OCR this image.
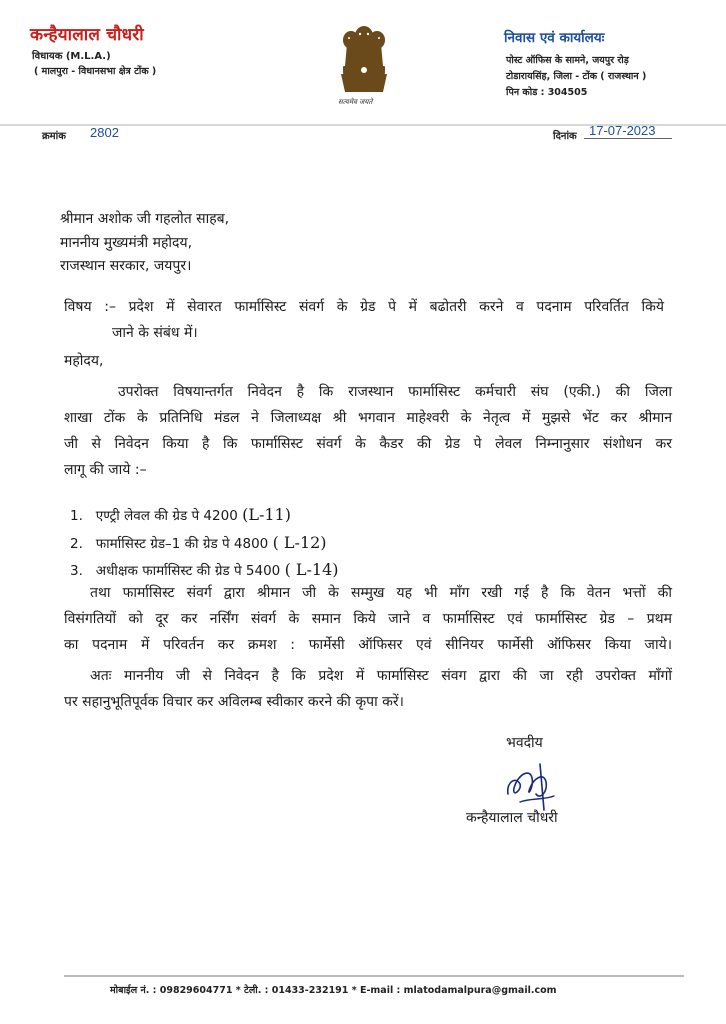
कन्हैयालाल चौधरी
विधायक (M.L.A.)
( मालपुरा - विधानसभा क्षेत्र टोंक )
सत्यमेव जयते
निवास एवं कार्यालयः
पोस्ट ऑफिस के सामने, जयपुर रोड़
टोडारायसिंह, जिला - टोंक ( राजस्थान )
पिन कोड : 304505
क्रमांक 2802	दिनांक 17-07-2023
श्रीमान अशोक जी गहलोत साहब,
माननीय मुख्यमंत्री महोदय,
राजस्थान सरकार, जयपुर।
विषय :– प्रदेश में सेवारत फार्मासिस्ट संवर्ग के ग्रेड पे में बढोतरी करने व पदनाम परिवर्तित किये
जाने के संबंध में।
महोदय,
उपरोक्त विषयान्तर्गत निवेदन है कि राजस्थान फार्मासिस्ट कर्मचारी संघ (एकी.) की जिला
शाखा टोंक के प्रतिनिधि मंडल ने जिलाध्यक्ष श्री भगवान माहेश्वरी के नेतृत्व में मुझसे भेंट कर श्रीमान
जी से निवेदन किया है कि फार्मासिस्ट संवर्ग के कैडर की ग्रेड पे लेवल निम्नानुसार संशोधन कर
लागू की जाये :–
1. एण्ट्री लेवल की ग्रेड पे 4200 (L-11)
2. फार्मासिस्ट ग्रेड–1 की ग्रेड पे 4800 ( L-12)
3. अधीक्षक फार्मासिस्ट की ग्रेड पे 5400 ( L-14)
तथा फार्मासिस्ट संवर्ग द्वारा श्रीमान जी के सम्मुख यह भी माँग रखी गई है कि वेतन भत्तों की
विसंगतियों को दूर कर नर्सिंग संवर्ग के समान किये जाने व फार्मासिस्ट एवं फार्मासिस्ट ग्रेड – प्रथम
का पदनाम में परिवर्तन कर क्रमश : फार्मेसी ऑफिसर एवं सीनियर फार्मेसी ऑफिसर किया जाये।
अतः माननीय जी से निवेदन है कि प्रदेश में फार्मासिस्ट संवग द्वारा की जा रही उपरोक्त माँगों
पर सहानुभूतिपूर्वक विचार कर अविलम्ब स्वीकार करने की कृपा करें।
भवदीय
कन्हैयालाल चौधरी
मोबाईल नं. : 09829604771 * टेली. : 01433-232191 * E-mail : mlatodamalpura@gmail.com
